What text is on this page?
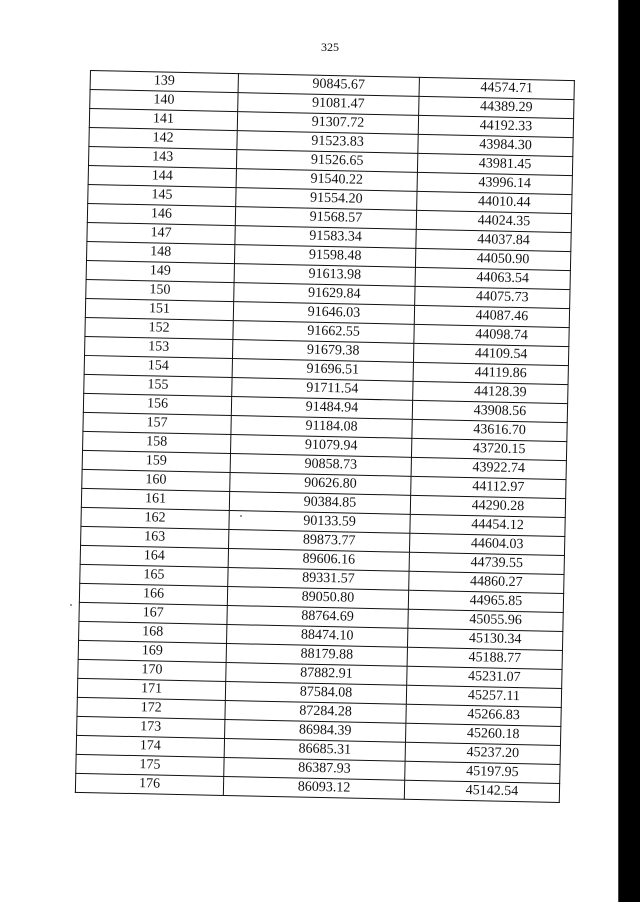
325
139	90845.67	44574.71
140	91081.47	44389.29
141	91307.72	44192.33
142	91523.83	43984.30
143	91526.65	43981.45
144	91540.22	43996.14
145	91554.20	44010.44
146	91568.57	44024.35
147	91583.34	44037.84
148	91598.48	44050.90
149	91613.98	44063.54
150	91629.84	44075.73
151	91646.03	44087.46
152	91662.55	44098.74
153	91679.38	44109.54
154	91696.51	44119.86
155	91711.54	44128.39
156	91484.94	43908.56
157	91184.08	43616.70
158	91079.94	43720.15
159	90858.73	43922.74
160	90626.80	44112.97
161	90384.85	44290.28
162	90133.59	44454.12
163	89873.77	44604.03
164	89606.16	44739.55
165	89331.57	44860.27
166	89050.80	44965.85
167	88764.69	45055.96
168	88474.10	45130.34
169	88179.88	45188.77
170	87882.91	45231.07
171	87584.08	45257.11
172	87284.28	45266.83
173	86984.39	45260.18
174	86685.31	45237.20
175	86387.93	45197.95
176	86093.12	45142.54
